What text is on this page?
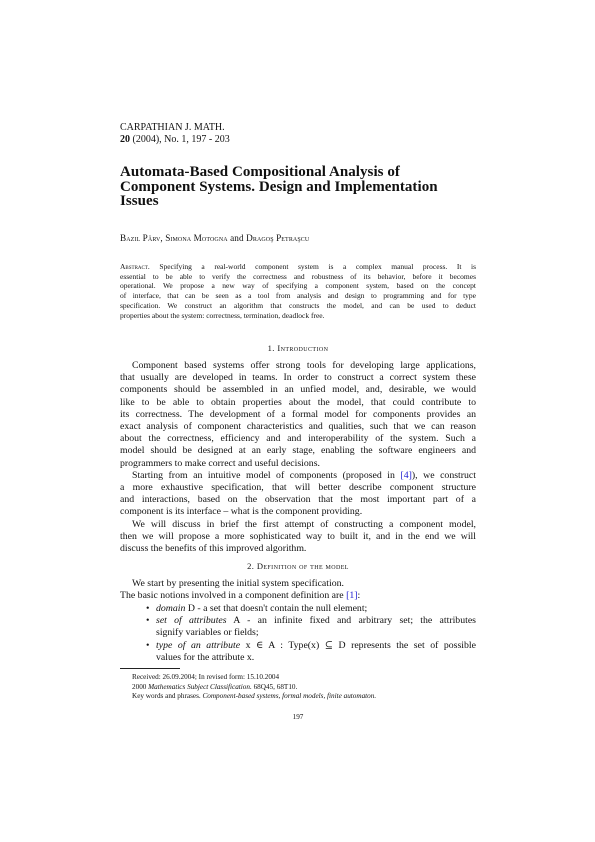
CARPATHIAN J. MATH.
20 (2004), No. 1, 197 - 203
Automata-Based Compositional Analysis of
Component Systems. Design and Implementation
Issues
Bazil Pârv, Simona Motogna and Dragoş Petraşcu
Abstract. Specifying a real-world component system is a complex manual process. It is
essential to be able to verify the correctness and robustness of its behavior, before it becomes
operational. We propose a new way of specifying a component system, based on the concept
of interface, that can be seen as a tool from analysis and design to programming and for type
specification. We construct an algorithm that constructs the model, and can be used to deduct
properties about the system: correctness, termination, deadlock free.
1. Introduction
Component based systems offer strong tools for developing large applications,
that usually are developed in teams. In order to construct a correct system these
components should be assembled in an unfied model, and, desirable, we would
like to be able to obtain properties about the model, that could contribute to
its correctness. The development of a formal model for components provides an
exact analysis of component characteristics and qualities, such that we can reason
about the correctness, efficiency and and interoperability of the system. Such a
model should be designed at an early stage, enabling the software engineers and
programmers to make correct and useful decisions.
Starting from an intuitive model of components (proposed in [4]), we construct
a more exhaustive specification, that will better describe component structure
and interactions, based on the observation that the most important part of a
component is its interface – what is the component providing.
We will discuss in brief the first attempt of constructing a component model,
then we will propose a more sophisticated way to built it, and in the end we will
discuss the benefits of this improved algorithm.
2. Definition of the model
We start by presenting the initial system specification.
The basic notions involved in a component definition are [1]:
• domain D - a set that doesn't contain the null element;
• set of attributes A - an infinite fixed and arbitrary set; the attributes
signify variables or fields;
• type of an attribute x ∈ A : Type(x) ⊆ D represents the set of possible
values for the attribute x.
Received: 26.09.2004; In revised form: 15.10.2004
2000 Mathematics Subject Classification. 68Q45, 68T10.
Key words and phrases. Component-based systems, formal models, finite automaton.
197
